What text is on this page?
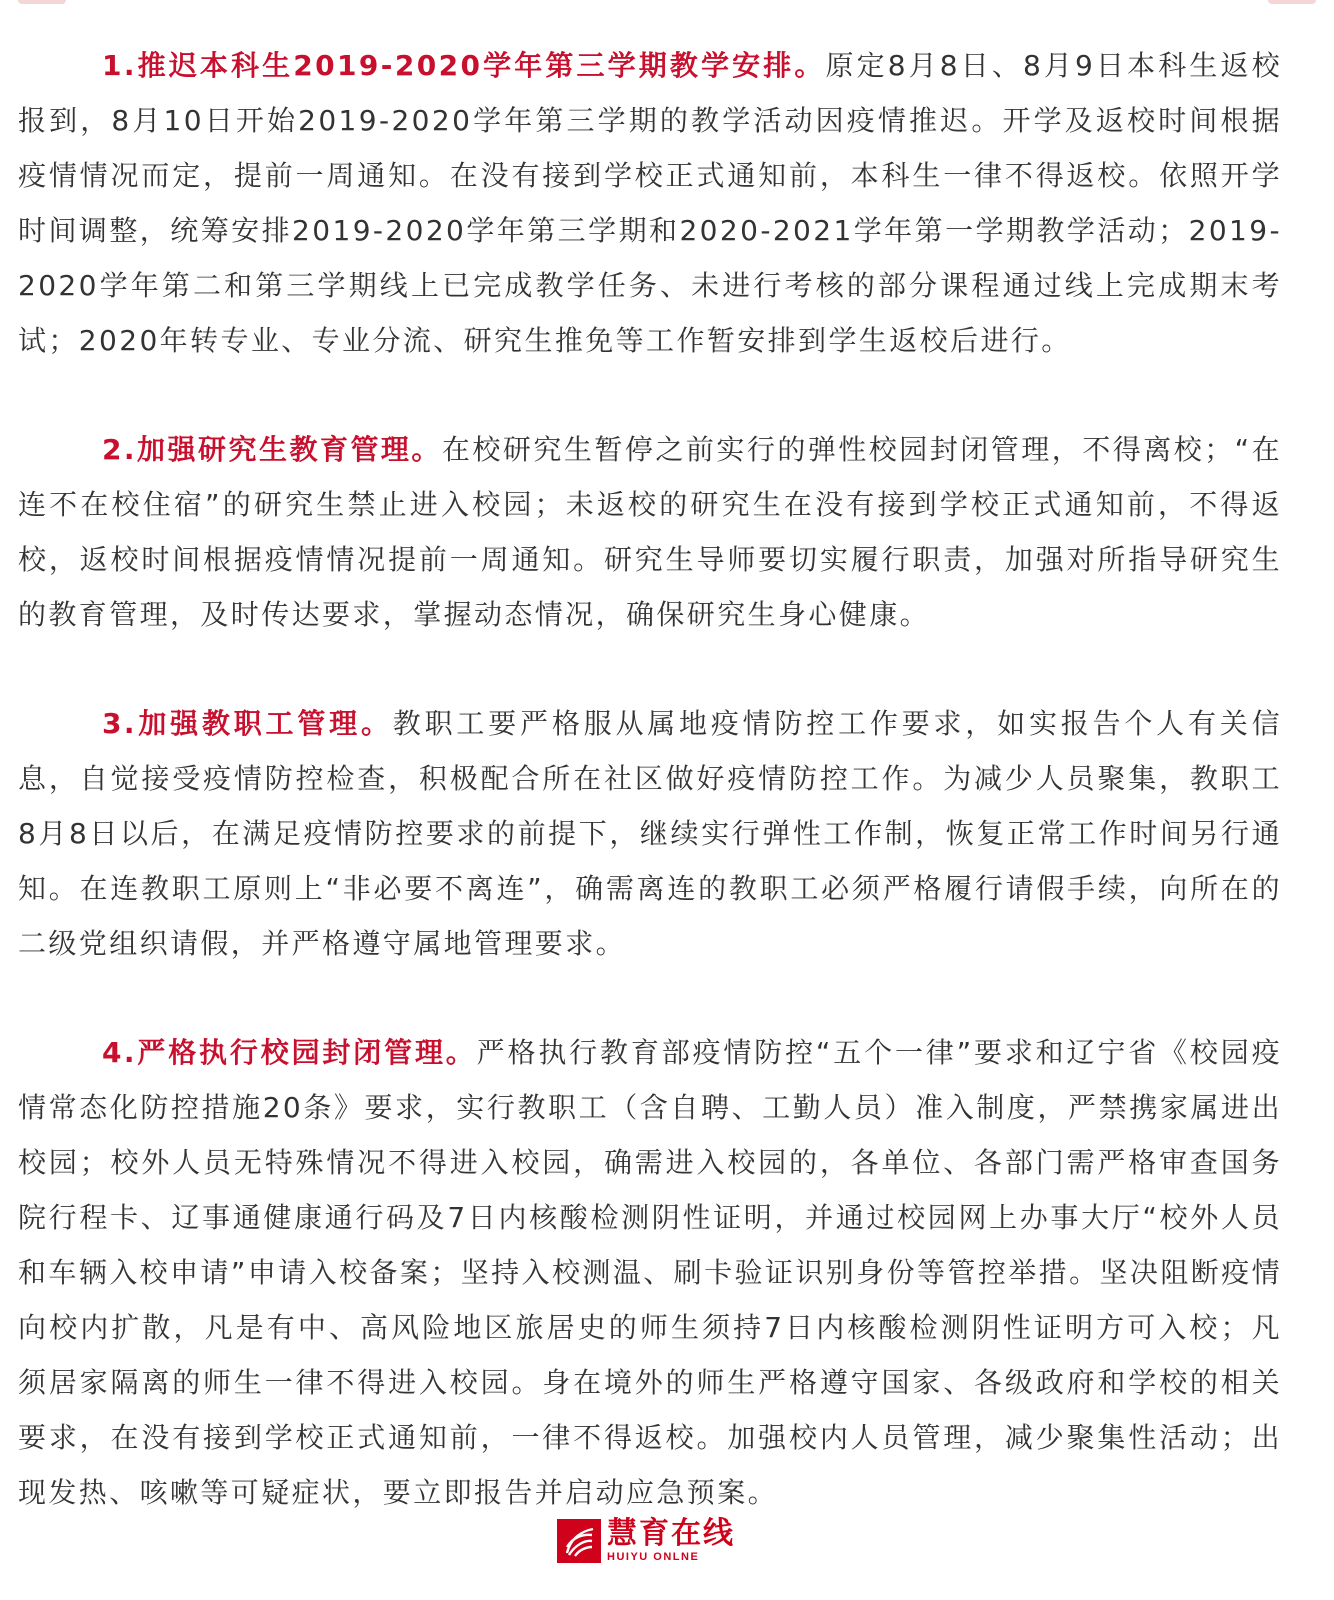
1.推迟本科生2019-2020学年第三学期教学安排。原定8月8日、8月9日本科生返校报到，8月10日开始2019-2020学年第三学期的教学活动因疫情推迟。开学及返校时间根据疫情情况而定，提前一周通知。在没有接到学校正式通知前，本科生一律不得返校。依照开学时间调整，统筹安排2019-2020学年第三学期和2020-2021学年第一学期教学活动；2019-2020学年第二和第三学期线上已完成教学任务、未进行考核的部分课程通过线上完成期末考试；2020年转专业、专业分流、研究生推免等工作暂安排到学生返校后进行。

2.加强研究生教育管理。在校研究生暂停之前实行的弹性校园封闭管理，不得离校；“在连不在校住宿”的研究生禁止进入校园；未返校的研究生在没有接到学校正式通知前，不得返校，返校时间根据疫情情况提前一周通知。研究生导师要切实履行职责，加强对所指导研究生的教育管理，及时传达要求，掌握动态情况，确保研究生身心健康。

3.加强教职工管理。教职工要严格服从属地疫情防控工作要求，如实报告个人有关信息，自觉接受疫情防控检查，积极配合所在社区做好疫情防控工作。为减少人员聚集，教职工8月8日以后，在满足疫情防控要求的前提下，继续实行弹性工作制，恢复正常工作时间另行通知。在连教职工原则上“非必要不离连”，确需离连的教职工必须严格履行请假手续，向所在的二级党组织请假，并严格遵守属地管理要求。

4.严格执行校园封闭管理。严格执行教育部疫情防控“五个一律”要求和辽宁省《校园疫情常态化防控措施20条》要求，实行教职工（含自聘、工勤人员）准入制度，严禁携家属进出校园；校外人员无特殊情况不得进入校园，确需进入校园的，各单位、各部门需严格审查国务院行程卡、辽事通健康通行码及7日内核酸检测阴性证明，并通过校园网上办事大厅“校外人员和车辆入校申请”申请入校备案；坚持入校测温、刷卡验证识别身份等管控举措。坚决阻断疫情向校内扩散，凡是有中、高风险地区旅居史的师生须持7日内核酸检测阴性证明方可入校；凡须居家隔离的师生一律不得进入校园。身在境外的师生严格遵守国家、各级政府和学校的相关要求，在没有接到学校正式通知前，一律不得返校。加强校内人员管理，减少聚集性活动；出现发热、咳嗽等可疑症状，要立即报告并启动应急预案。

慧育在线
HUIYU ONLNE
